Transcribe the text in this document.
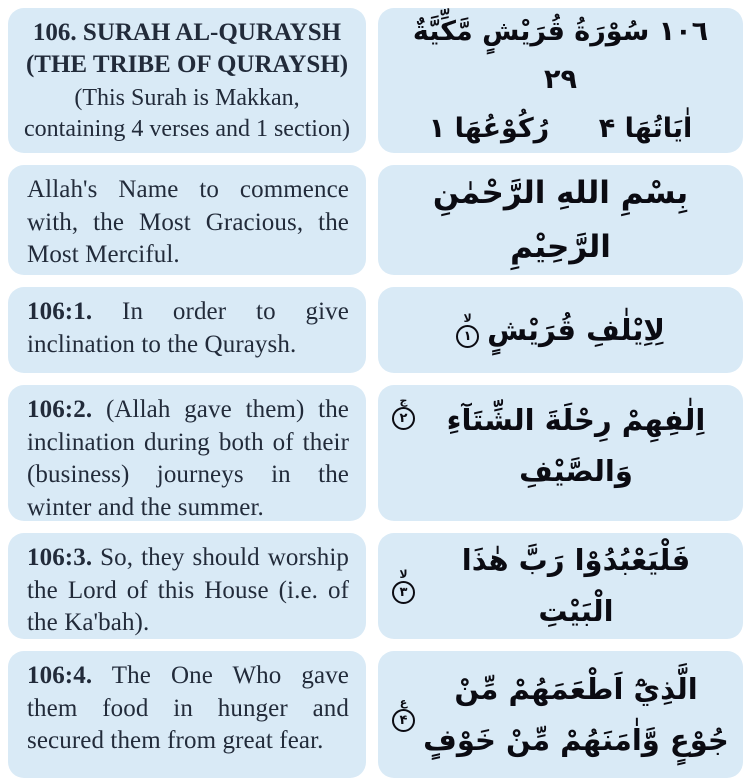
106. SURAH AL-QURAYSH
(THE TRIBE OF QURAYSH)
(This Surah is Makkan, containing 4 verses and 1 section)
١٠٦ سُوْرَةُ قُرَيْشٍ مَّكِّيَّةٌ ٢٩
اٰيَاتُهَا ۴
رُكُوْعُهَا ١
Allah's Name to commence with, the Most Gracious, the Most Merciful.
بِسْمِ اللهِ الرَّحْمٰنِ الرَّحِيْمِ
106:1. In order to give inclination to the Quraysh.	لِاِيْلٰفِ قُرَيْشٍ
لا
١
106:2. (Allah gave them) the inclination during both of their (business) journeys in the winter and the summer.
اِلٰفِهِمْ رِحْلَةَ الشِّتَآءِ وَالصَّيْفِ
ج
٢
106:3. So, they should worship the Lord of this House (i.e. of the Ka'bah).
فَلْيَعْبُدُوْا رَبَّ هٰذَا الْبَيْتِ
لا
٣
106:4. The One Who gave them food in hunger and secured them from great fear.
الَّذِيْٓ اَطْعَمَهُمْ مِّنْ جُوْعٍ وَّاٰمَنَهُمْ مِّنْ خَوْفٍ
ع
۴
